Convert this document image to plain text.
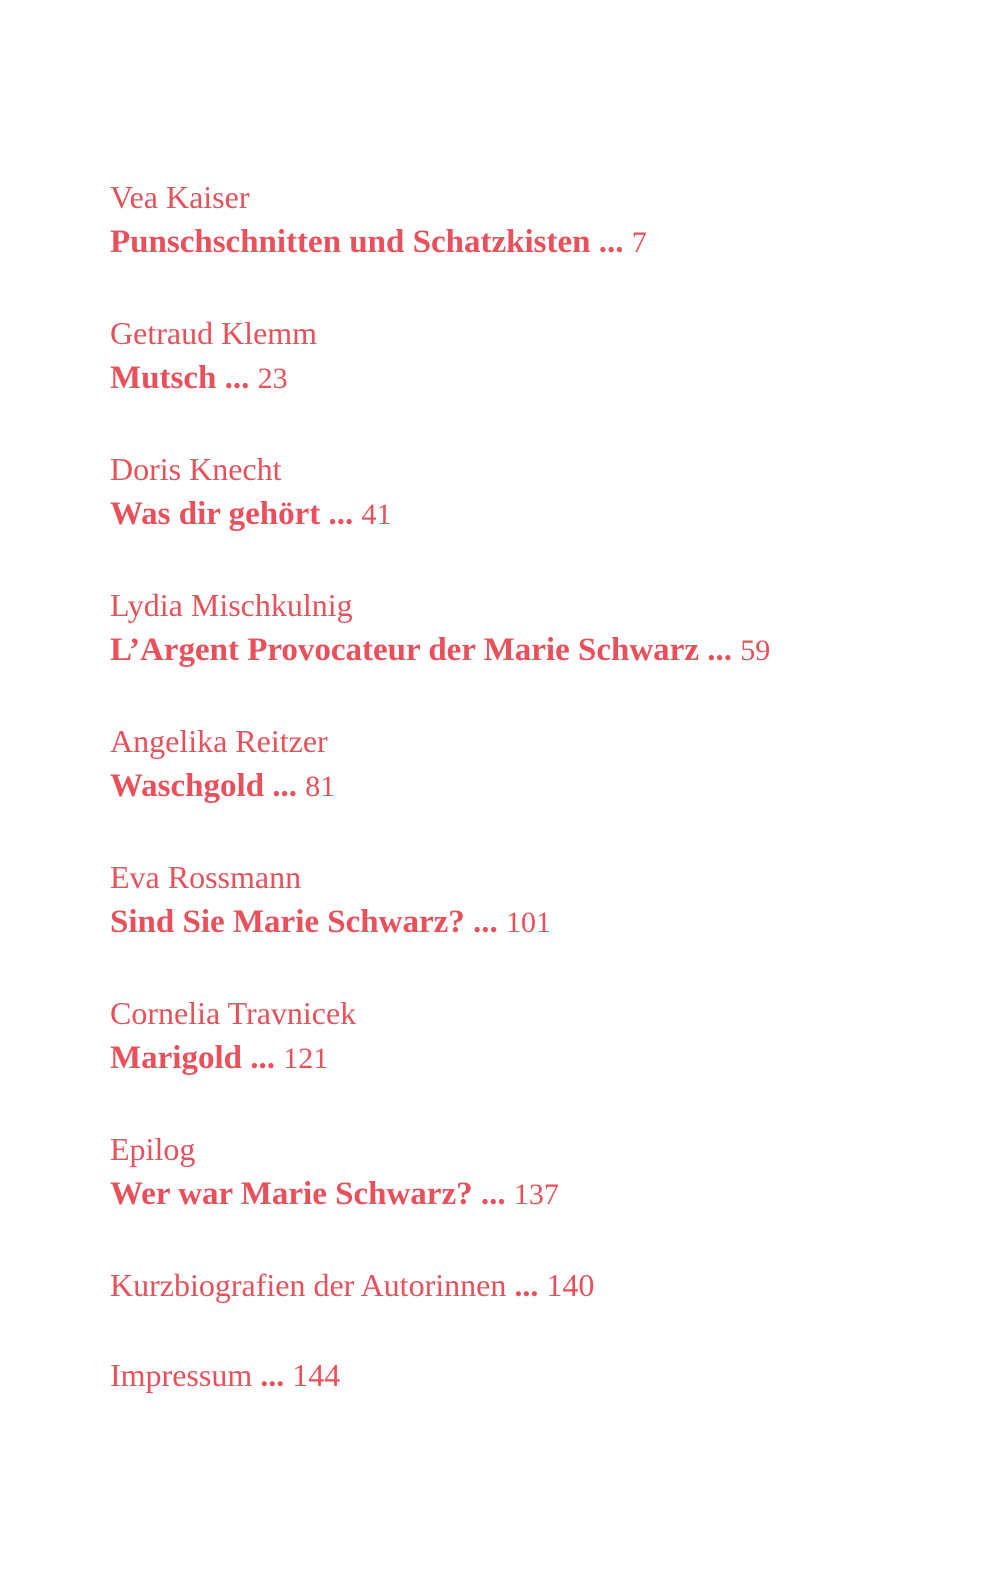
Vea Kaiser
Punschschnitten und Schatzkisten ... 7
Getraud Klemm
Mutsch ... 23
Doris Knecht
Was dir gehört ... 41
Lydia Mischkulnig
L’Argent Provocateur der Marie Schwarz ... 59
Angelika Reitzer
Waschgold ... 81
Eva Rossmann
Sind Sie Marie Schwarz? ... 101
Cornelia Travnicek
Marigold ... 121
Epilog
Wer war Marie Schwarz? ... 137
Kurzbiografien der Autorinnen ... 140
Impressum ... 144
